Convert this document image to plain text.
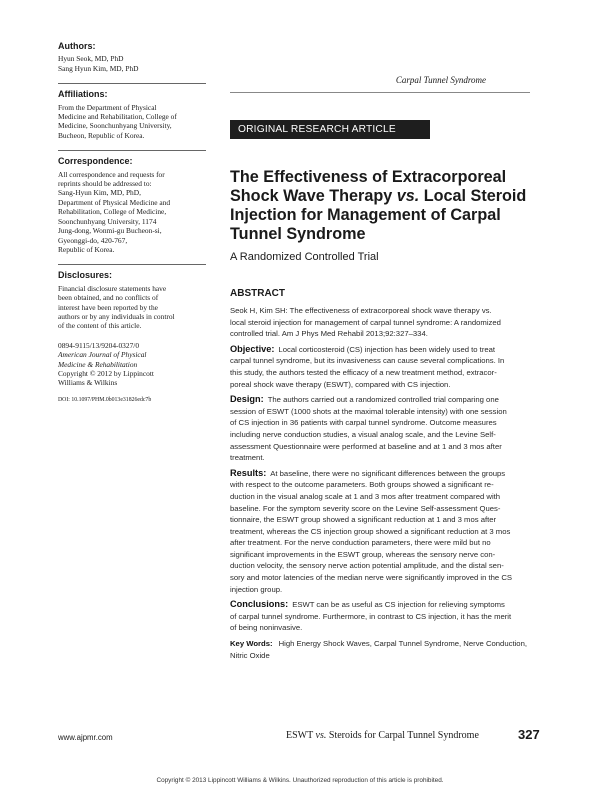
Authors:
Hyun Seok, MD, PhD
Sang Hyun Kim, MD, PhD
Affiliations:
From the Department of Physical
Medicine and Rehabilitation, College of
Medicine, Soonchunhyang University,
Bucheon, Republic of Korea.
Correspondence:
All correspondence and requests for
reprints should be addressed to:
Sang-Hyun Kim, MD, PhD,
Department of Physical Medicine and
Rehabilitation, College of Medicine,
Soonchunhyang University, 1174
Jung-dong, Wonmi-gu Bucheon-si,
Gyeonggi-do, 420-767,
Republic of Korea.
Disclosures:
Financial disclosure statements have
been obtained, and no conflicts of
interest have been reported by the
authors or by any individuals in control
of the content of this article.
0894-9115/13/9204-0327/0
American Journal of Physical
Medicine & Rehabilitation
Copyright © 2012 by Lippincott
Williams & Wilkins
DOI: 10.1097/PHM.0b013e31826edc7b
Carpal Tunnel Syndrome
ORIGINAL RESEARCH ARTICLE
The Effectiveness of Extracorporeal
Shock Wave Therapy vs. Local Steroid
Injection for Management of Carpal
Tunnel Syndrome
A Randomized Controlled Trial
ABSTRACT
Seok H, Kim SH: The effectiveness of extracorporeal shock wave therapy vs.
local steroid injection for management of carpal tunnel syndrome: A randomized
controlled trial. Am J Phys Med Rehabil 2013;92:327–334.
Objective: Local corticosteroid (CS) injection has been widely used to treat
carpal tunnel syndrome, but its invasiveness can cause several complications. In
this study, the authors tested the efficacy of a new treatment method, extracor-
poreal shock wave therapy (ESWT), compared with CS injection.
Design: The authors carried out a randomized controlled trial comparing one
session of ESWT (1000 shots at the maximal tolerable intensity) with one session
of CS injection in 36 patients with carpal tunnel syndrome. Outcome measures
including nerve conduction studies, a visual analog scale, and the Levine Self-
assessment Questionnaire were performed at baseline and at 1 and 3 mos after
treatment.
Results: At baseline, there were no significant differences between the groups
with respect to the outcome parameters. Both groups showed a significant re-
duction in the visual analog scale at 1 and 3 mos after treatment compared with
baseline. For the symptom severity score on the Levine Self-assessment Ques-
tionnaire, the ESWT group showed a significant reduction at 1 and 3 mos after
treatment, whereas the CS injection group showed a significant reduction at 3 mos
after treatment. For the nerve conduction parameters, there were mild but no
significant improvements in the ESWT group, whereas the sensory nerve con-
duction velocity, the sensory nerve action potential amplitude, and the distal sen-
sory and motor latencies of the median nerve were significantly improved in the CS
injection group.
Conclusions: ESWT can be as useful as CS injection for relieving symptoms
of carpal tunnel syndrome. Furthermore, in contrast to CS injection, it has the merit
of being noninvasive.
Key Words: High Energy Shock Waves, Carpal Tunnel Syndrome, Nerve Conduction,
Nitric Oxide
www.ajpmr.com	ESWT vs. Steroids for Carpal Tunnel Syndrome	327
Copyright © 2013 Lippincott Williams & Wilkins. Unauthorized reproduction of this article is prohibited.
